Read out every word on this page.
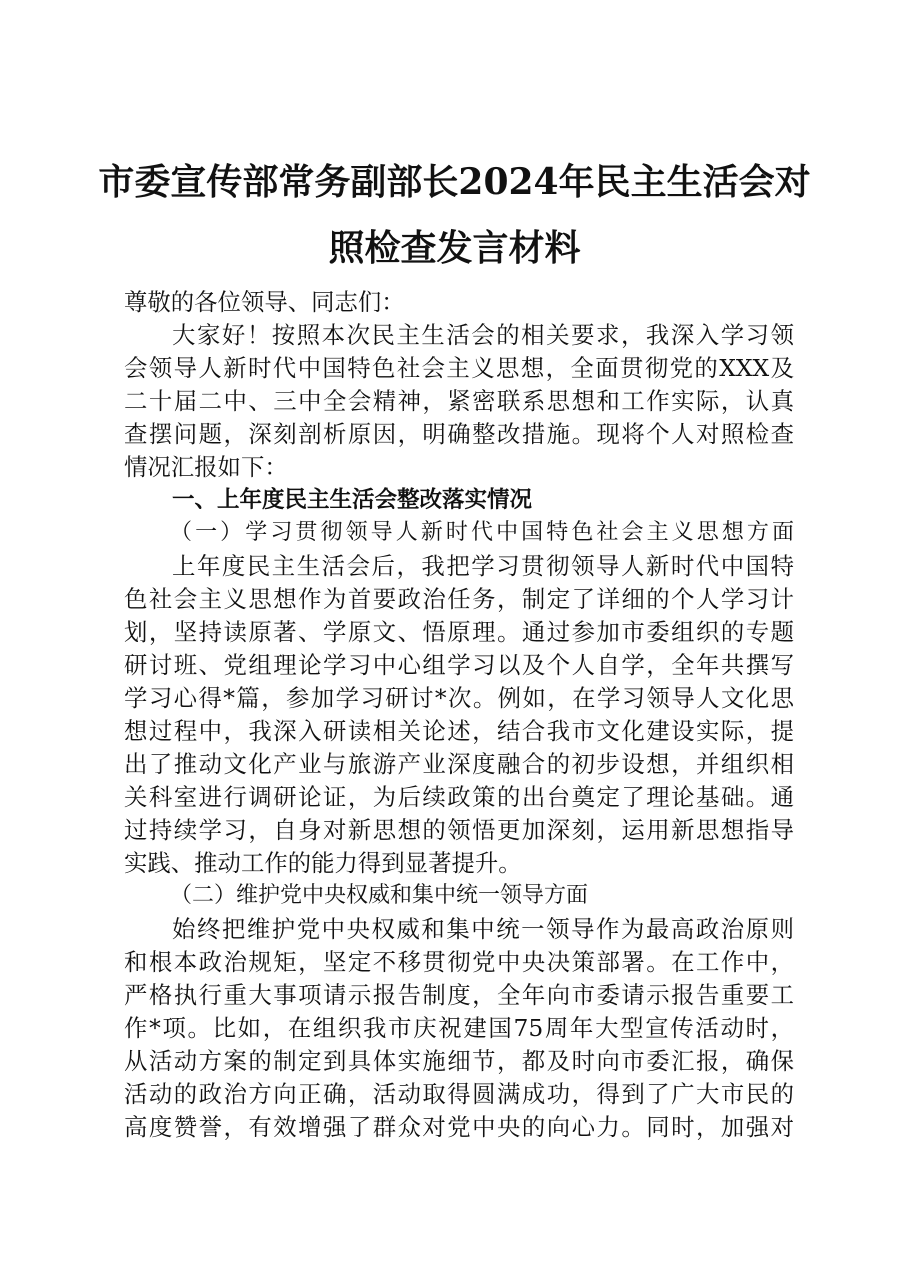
市委宣传部常务副部长2024年民主生活会对
照检查发言材料
尊敬的各位领导、同志们：
大家好！按照本次民主生活会的相关要求，我深入学习领
会领导人新时代中国特色社会主义思想，全面贯彻党的XXX及
二十届二中、三中全会精神，紧密联系思想和工作实际，认真
查摆问题，深刻剖析原因，明确整改措施。现将个人对照检查
情况汇报如下：
一、上年度民主生活会整改落实情况
（一）学习贯彻领导人新时代中国特色社会主义思想方面
上年度民主生活会后，我把学习贯彻领导人新时代中国特
色社会主义思想作为首要政治任务，制定了详细的个人学习计
划，坚持读原著、学原文、悟原理。通过参加市委组织的专题
研讨班、党组理论学习中心组学习以及个人自学，全年共撰写
学习心得*篇，参加学习研讨*次。例如，在学习领导人文化思
想过程中，我深入研读相关论述，结合我市文化建设实际，提
出了推动文化产业与旅游产业深度融合的初步设想，并组织相
关科室进行调研论证，为后续政策的出台奠定了理论基础。通
过持续学习，自身对新思想的领悟更加深刻，运用新思想指导
实践、推动工作的能力得到显著提升。
（二）维护党中央权威和集中统一领导方面
始终把维护党中央权威和集中统一领导作为最高政治原则
和根本政治规矩，坚定不移贯彻党中央决策部署。在工作中，
严格执行重大事项请示报告制度，全年向市委请示报告重要工
作*项。比如，在组织我市庆祝建国75周年大型宣传活动时，
从活动方案的制定到具体实施细节，都及时向市委汇报，确保
活动的政治方向正确，活动取得圆满成功，得到了广大市民的
高度赞誉，有效增强了群众对党中央的向心力。同时，加强对
